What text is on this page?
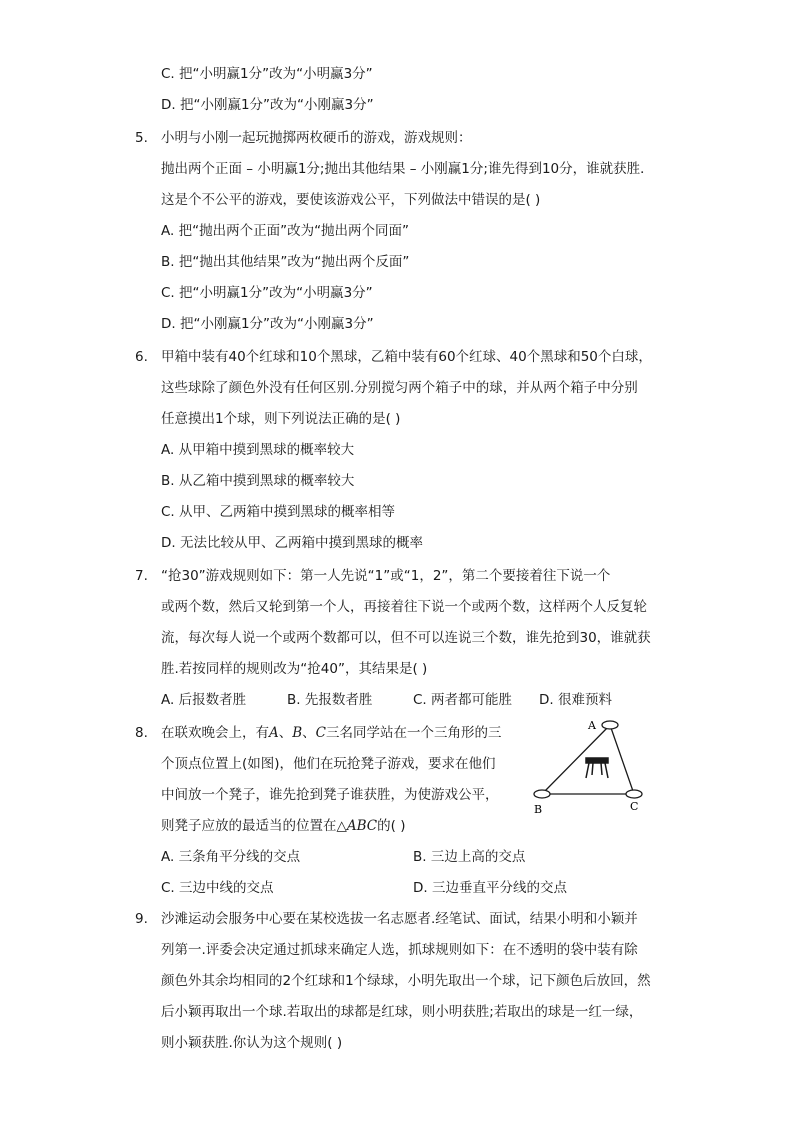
C. 把“小明赢1分”改为“小明赢3分”
D. 把“小刚赢1分”改为“小刚赢3分”
5. 小明与小刚一起玩抛掷两枚硬币的游戏，游戏规则：
抛出两个正面 – 小明赢1分;抛出其他结果 – 小刚赢1分;谁先得到10分，谁就获胜．
这是个不公平的游戏，要使该游戏公平，下列做法中错误的是( )
A. 把“抛出两个正面”改为“抛出两个同面”
B. 把“抛出其他结果”改为“抛出两个反面”
C. 把“小明赢1分”改为“小明赢3分”
D. 把“小刚赢1分”改为“小刚赢3分”
6. 甲箱中装有40个红球和10个黑球，乙箱中装有60个红球、40个黑球和50个白球，
这些球除了颜色外没有任何区别.分别搅匀两个箱子中的球，并从两个箱子中分别
任意摸出1个球，则下列说法正确的是( )
A. 从甲箱中摸到黑球的概率较大
B. 从乙箱中摸到黑球的概率较大
C. 从甲、乙两箱中摸到黑球的概率相等
D. 无法比较从甲、乙两箱中摸到黑球的概率
7. “抢30”游戏规则如下：第一人先说“1”或“1，2”，第二个要接着往下说一个
或两个数，然后又轮到第一个人，再接着往下说一个或两个数，这样两个人反复轮
流，每次每人说一个或两个数都可以，但不可以连说三个数，谁先抢到30，谁就获
胜.若按同样的规则改为“抢40”，其结果是( )
A. 后报数者胜	B. 先报数者胜	C. 两者都可能胜 D. 很难预料
8. 在联欢晚会上，有A、B、C三名同学站在一个三角形的三
个顶点位置上(如图)，他们在玩抢凳子游戏，要求在他们
中间放一个凳子，谁先抢到凳子谁获胜，为使游戏公平，
则凳子应放的最适当的位置在△ABC的( )
A. 三条角平分线的交点	B. 三边上高的交点
C. 三边中线的交点	D. 三边垂直平分线的交点
A
B	C
9. 沙滩运动会服务中心要在某校选拔一名志愿者.经笔试、面试，结果小明和小颖并
列第一.评委会决定通过抓球来确定人选，抓球规则如下：在不透明的袋中装有除
颜色外其余均相同的2个红球和1个绿球，小明先取出一个球，记下颜色后放回，然
后小颖再取出一个球.若取出的球都是红球，则小明获胜;若取出的球是一红一绿，
则小颖获胜.你认为这个规则( )
